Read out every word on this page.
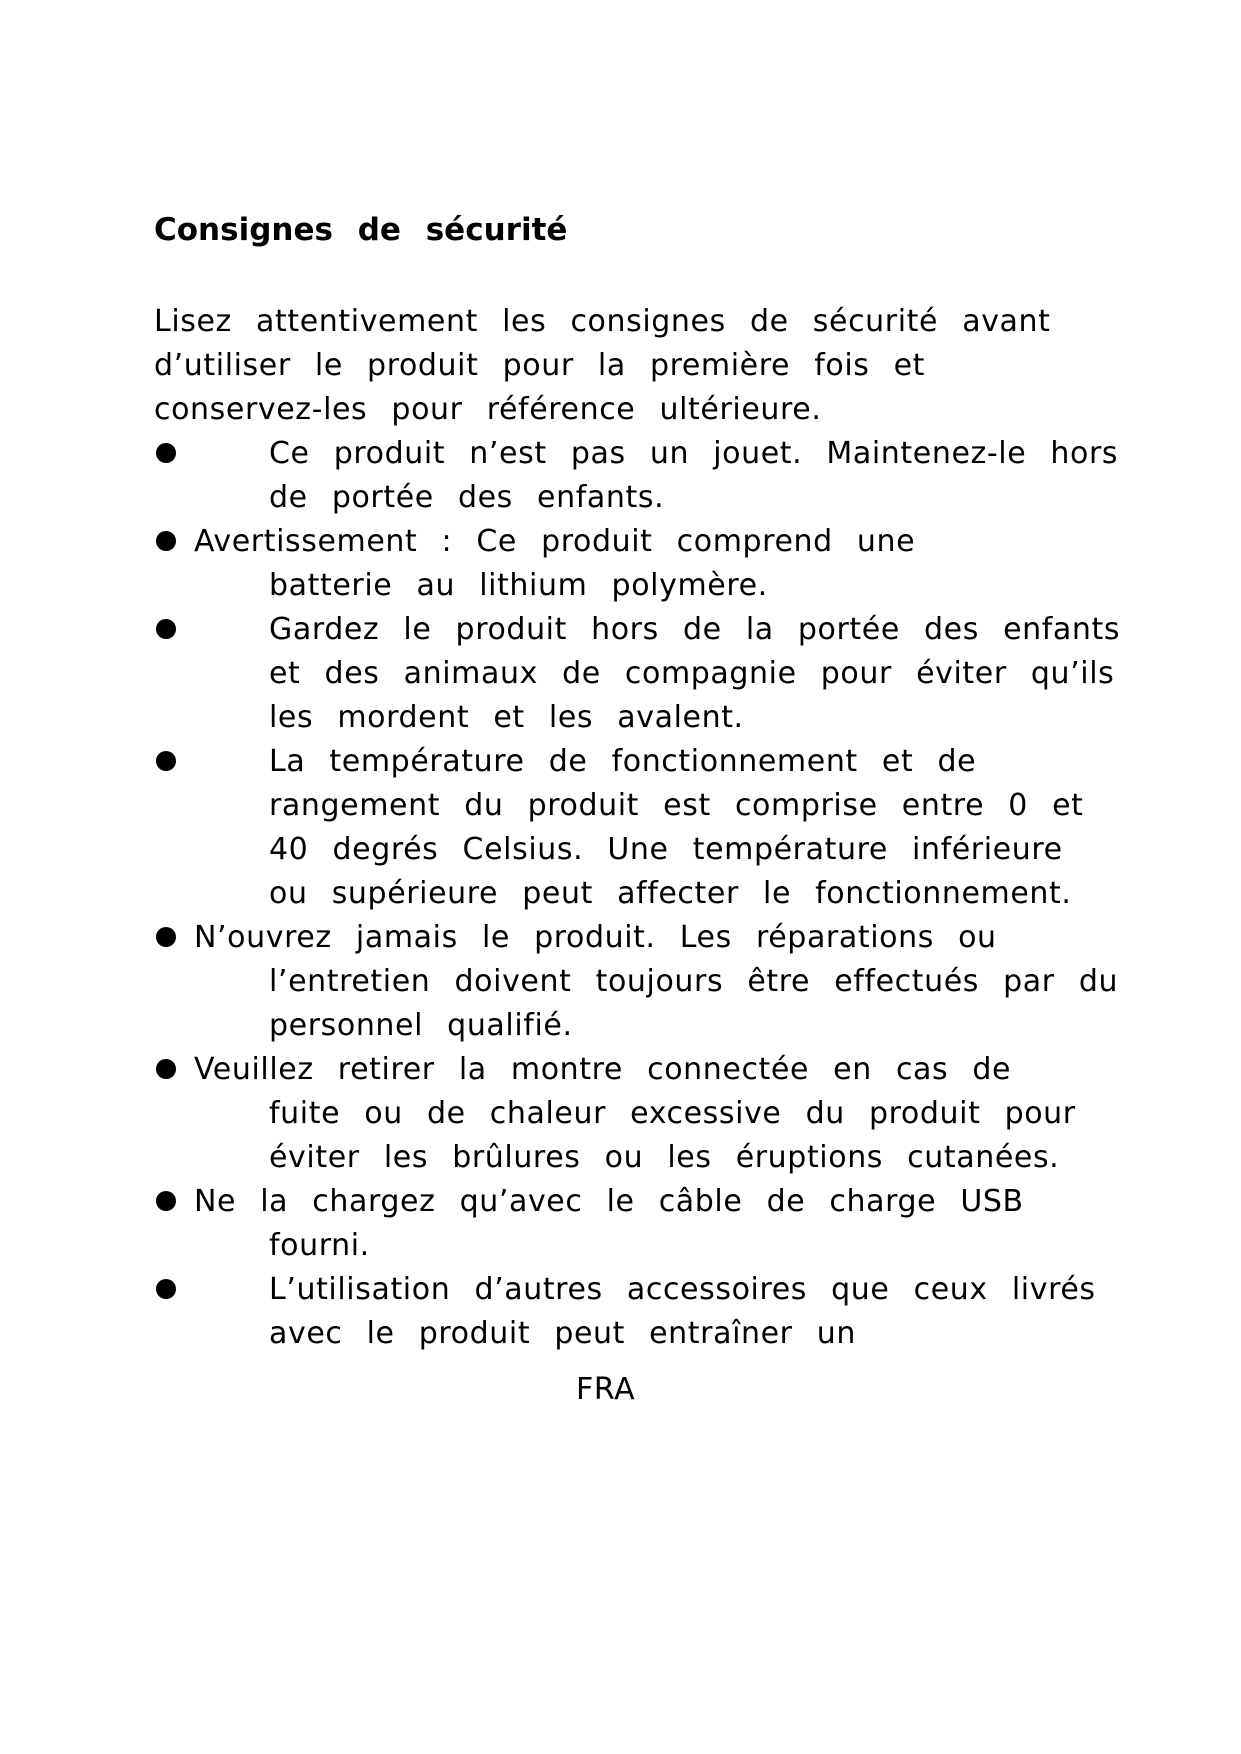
Consignes de sécurité
Lisez attentivement les consignes de sécurité avant
d’utiliser le produit pour la première fois et
conservez-les pour référence ultérieure.
Ce produit n’est pas un jouet. Maintenez-le hors
de portée des enfants.
Avertissement : Ce produit comprend une
batterie au lithium polymère.
Gardez le produit hors de la portée des enfants
et des animaux de compagnie pour éviter qu’ils
les mordent et les avalent.
La température de fonctionnement et de
rangement du produit est comprise entre 0 et
40 degrés Celsius. Une température inférieure
ou supérieure peut affecter le fonctionnement.
N’ouvrez jamais le produit. Les réparations ou
l’entretien doivent toujours être effectués par du
personnel qualifié.
Veuillez retirer la montre connectée en cas de
fuite ou de chaleur excessive du produit pour
éviter les brûlures ou les éruptions cutanées.
Ne la chargez qu’avec le câble de charge USB
fourni.
L’utilisation d’autres accessoires que ceux livrés
avec le produit peut entraîner un
FRA
